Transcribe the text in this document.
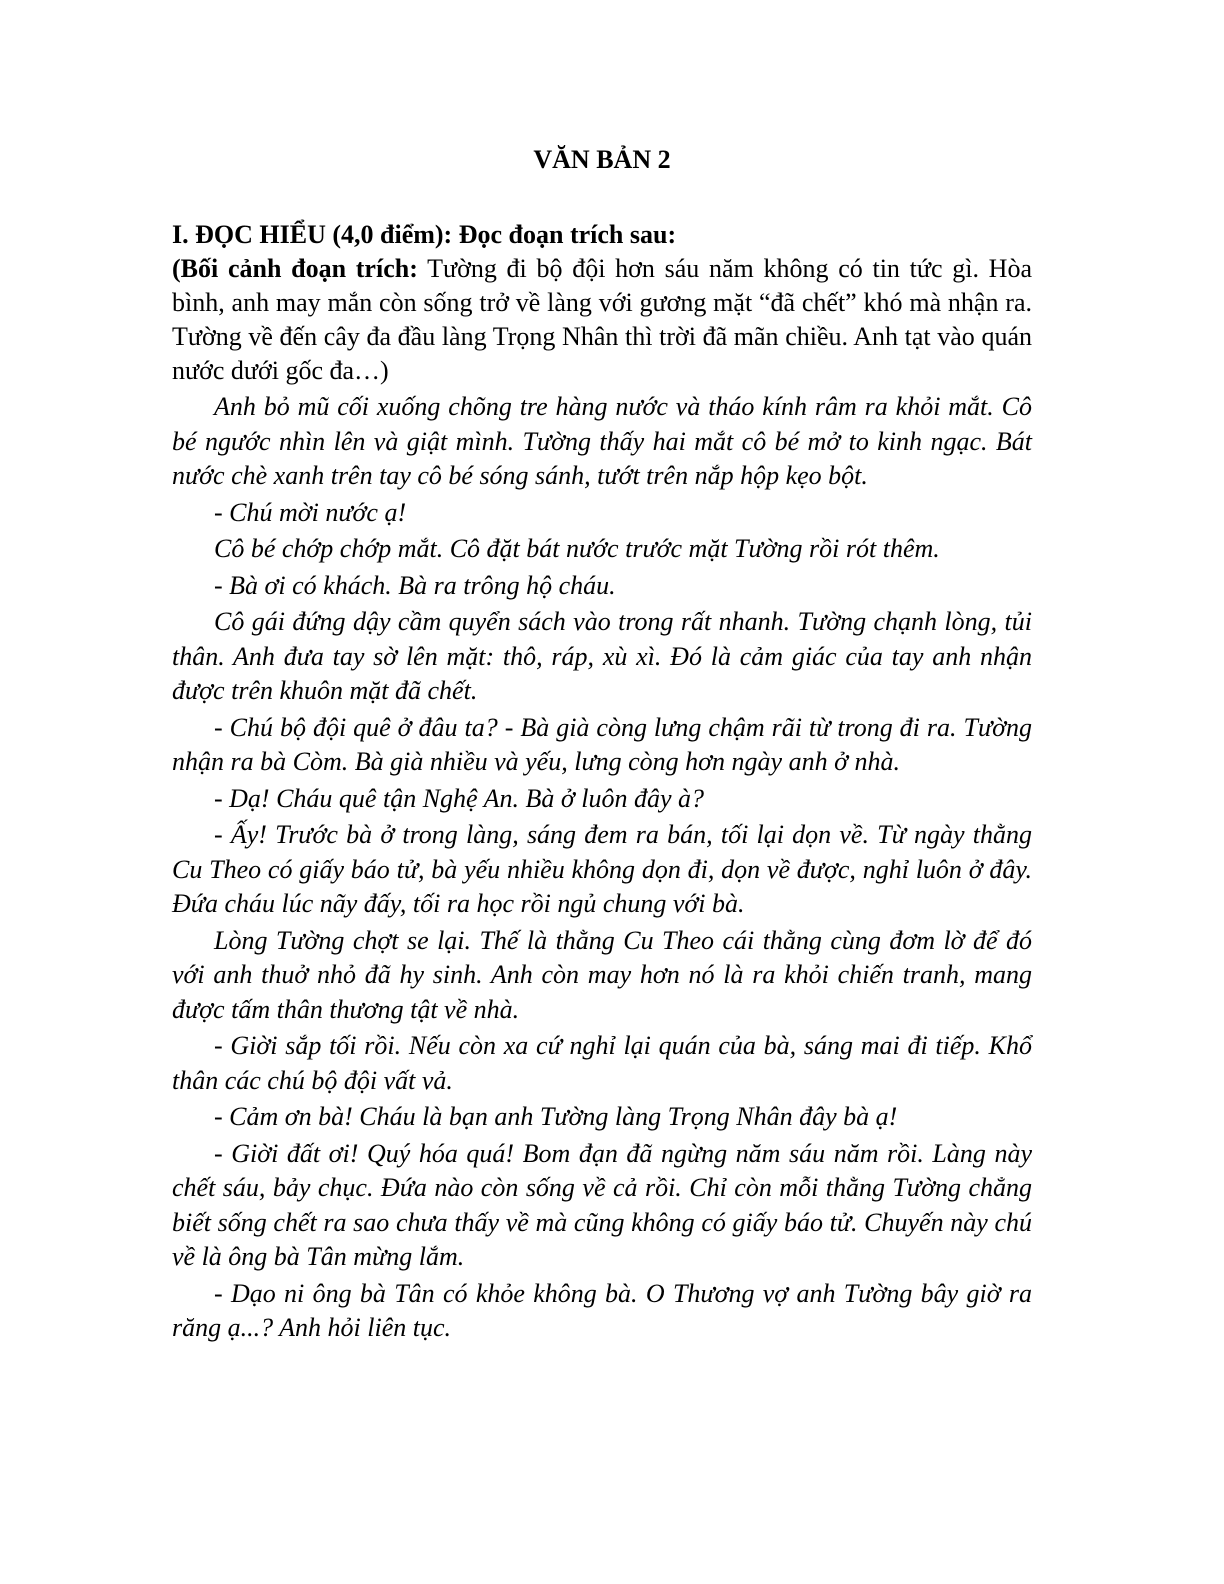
VĂN BẢN 2
I. ĐỌC HIỂU (4,0 điểm): Đọc đoạn trích sau:

(Bối cảnh đoạn trích: Tường đi bộ đội hơn sáu năm không có tin tức gì. Hòa bình, anh may mắn còn sống trở về làng với gương mặt “đã chết” khó mà nhận ra. Tường về đến cây đa đầu làng Trọng Nhân thì trời đã mãn chiều. Anh tạt vào quán nước dưới gốc đa…)

Anh bỏ mũ cối xuống chõng tre hàng nước và tháo kính râm ra khỏi mắt. Cô bé ngước nhìn lên và giật mình. Tường thấy hai mắt cô bé mở to kinh ngạc. Bát nước chè xanh trên tay cô bé sóng sánh, tướt trên nắp hộp kẹo bột.

- Chú mời nước ạ!

Cô bé chớp chớp mắt. Cô đặt bát nước trước mặt Tường rồi rót thêm.

- Bà ơi có khách. Bà ra trông hộ cháu.

Cô gái đứng dậy cầm quyển sách vào trong rất nhanh. Tường chạnh lòng, tủi thân. Anh đưa tay sờ lên mặt: thô, ráp, xù xì. Đó là cảm giác của tay anh nhận được trên khuôn mặt đã chết.

- Chú bộ đội quê ở đâu ta? - Bà già còng lưng chậm rãi từ trong đi ra. Tường nhận ra bà Còm. Bà già nhiều và yếu, lưng còng hơn ngày anh ở nhà.

- Dạ! Cháu quê tận Nghệ An. Bà ở luôn đây à?

- Ấy! Trước bà ở trong làng, sáng đem ra bán, tối lại dọn về. Từ ngày thằng Cu Theo có giấy báo tử, bà yếu nhiều không dọn đi, dọn về được, nghỉ luôn ở đây. Đứa cháu lúc nãy đấy, tối ra học rồi ngủ chung với bà.

Lòng Tường chợt se lại. Thế là thằng Cu Theo cái thằng cùng đơm lờ để đó với anh thuở nhỏ đã hy sinh. Anh còn may hơn nó là ra khỏi chiến tranh, mang được tấm thân thương tật về nhà.

- Giời sắp tối rồi. Nếu còn xa cứ nghỉ lại quán của bà, sáng mai đi tiếp. Khổ thân các chú bộ đội vất vả.

- Cảm ơn bà! Cháu là bạn anh Tường làng Trọng Nhân đây bà ạ!

- Giời đất ơi! Quý hóa quá! Bom đạn đã ngừng năm sáu năm rồi. Làng này chết sáu, bảy chục. Đứa nào còn sống về cả rồi. Chỉ còn mỗi thằng Tường chẳng biết sống chết ra sao chưa thấy về mà cũng không có giấy báo tử. Chuyến này chú về là ông bà Tân mừng lắm.

- Dạo ni ông bà Tân có khỏe không bà. O Thương vợ anh Tường bây giờ ra răng ạ...? Anh hỏi liên tục.
